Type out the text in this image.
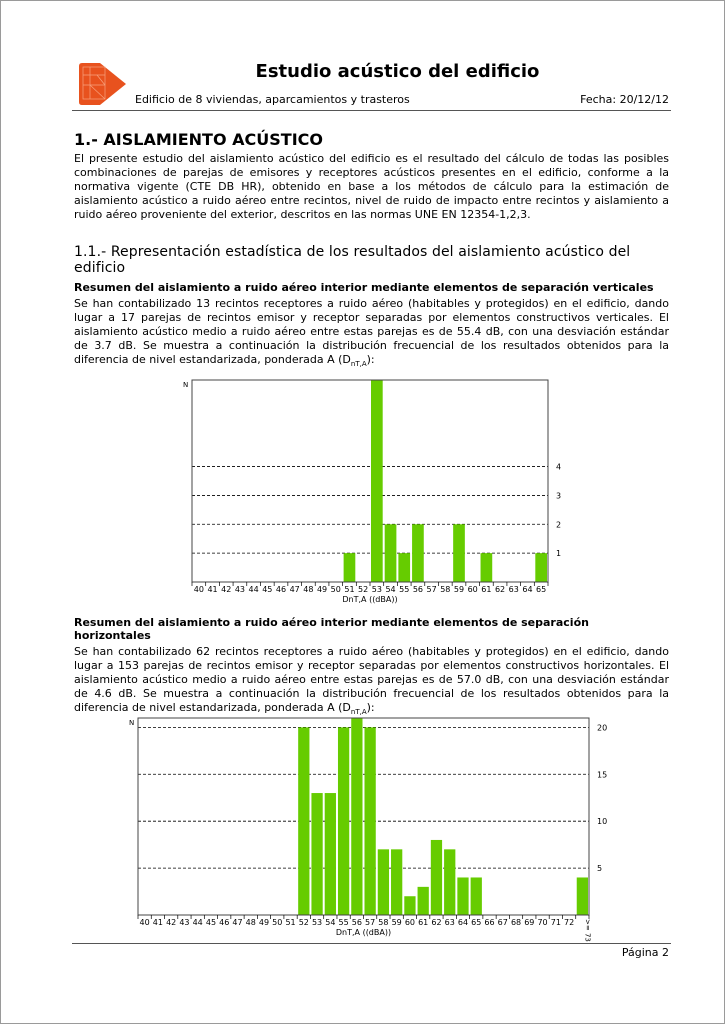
Estudio acústico del edificio
Edificio de 8 viviendas, aparcamientos y trasteros	Fecha: 20/12/12
1.- AISLAMIENTO ACÚSTICO

El presente estudio del aislamiento acústico del edificio es el resultado del cálculo de todas las posibles combinaciones de parejas de emisores y receptores acústicos presentes en el edificio, conforme a la normativa vigente (CTE DB HR), obtenido en base a los métodos de cálculo para la estimación de aislamiento acústico a ruido aéreo entre recintos, nivel de ruido de impacto entre recintos y aislamiento a ruido aéreo proveniente del exterior, descritos en las normas UNE EN 12354-1,2,3.

1.1.- Representación estadística de los resultados del aislamiento acústico del edificio
Resumen del aislamiento a ruido aéreo interior mediante elementos de separación verticales

Se han contabilizado 13 recintos receptores a ruido aéreo (habitables y protegidos) en el edificio, dando lugar a 17 parejas de recintos emisor y receptor separadas por elementos constructivos verticales. El aislamiento acústico medio a ruido aéreo entre estas parejas es de 55.4 dB, con una desviación estándar de 3.7 dB. Se muestra a continuación la distribución frecuencial de los resultados obtenidos para la diferencia de nivel estandarizada, ponderada A $(D_{nT,A})$:

1
2
3
4
N
40 41 42 43 44 45 46 47 48 49 50 51 52 53 54 55 56 57 58 59 60 61 62 63 64 65
DnT,A ((dBA))
Resumen del aislamiento a ruido aéreo interior mediante elementos de separación horizontales

Se han contabilizado 62 recintos receptores a ruido aéreo (habitables y protegidos) en el edificio, dando lugar a 153 parejas de recintos emisor y receptor separadas por elementos constructivos horizontales. El aislamiento acústico medio a ruido aéreo entre estas parejas es de 57.0 dB, con una desviación estándar de 4.6 dB. Se muestra a continuación la distribución frecuencial de los resultados obtenidos para la diferencia de nivel estandarizada, ponderada A $(D_{nT,A})$:

5
10
15
20
N
40 41 42 43 44 45 46 47 48 49 50 51 52 53 54 55 56 57 58 59 60 61 62 63 64 65 66 67 68 69 70 71 72 >= 73
DnT,A ((dBA))
Página 2
